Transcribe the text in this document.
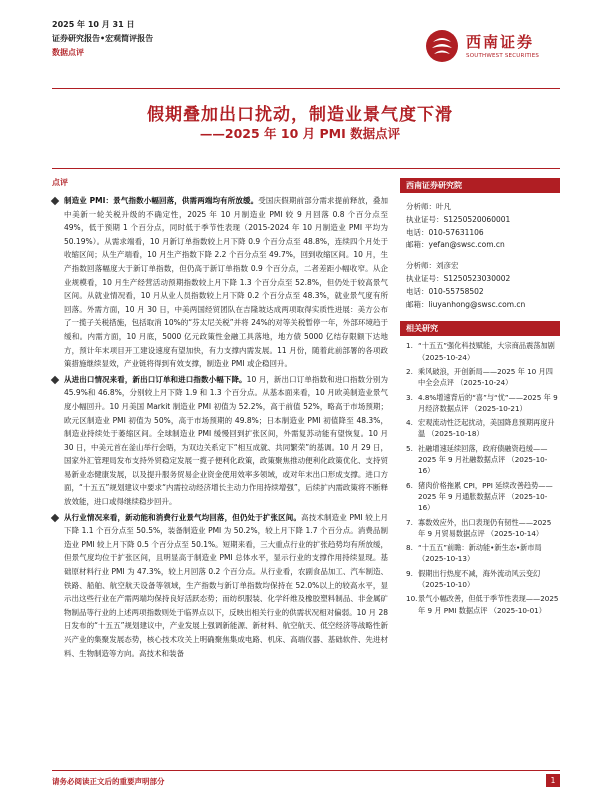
2025 年 10 月 31 日
证券研究报告•宏观简评报告
数据点评
西南证券
SOUTHWEST SECURITIES
假期叠加出口扰动，制造业景气度下滑
——2025 年 10 月 PMI 数据点评
点评
制造业 PMI：景气指数小幅回落，供需两端均有所放缓。受国庆假期前部分需求提前释放，叠加中美新一轮关税升级的不确定性，2025 年 10 月制造业 PMI 较 9 月回落 0.8 个百分点至 49%，低于预期 1 个百分点，同时低于季节性表现（2015-2024 年 10 月制造业 PMI 平均为 50.19%）。从需求端看，10 月新订单指数较上月下降 0.9 个百分点至 48.8%，连续四个月处于收缩区间；从生产端看，10 月生产指数下降 2.2 个百分点至 49.7%，回到收缩区间。10 月，生产指数回落幅度大于新订单指数，但仍高于新订单指数 0.9 个百分点，二者差距小幅收窄。从企业规模看，10 月生产经营活动预期指数较上月下降 1.3 个百分点至 52.8%，但仍处于较高景气区间。从就业情况看，10 月从业人员指数较上月下降 0.2 个百分点至 48.3%，就业景气度有所回落。外需方面，10 月 30 日，中美两国经贸团队在吉隆坡达成两项取得实质性进展：美方公布了一揽子关税措施，包括取消 10%的“芬太尼关税”并将 24%的对等关税暂停一年，外部环境趋于缓和。内需方面，10 月底，5000 亿元政策性金融工具落地，地方债 5000 亿结存限额下达地方，预计年末项目开工建设速度有望加快，有力支撑内需发展。11 月份，随着此前部署的各项政策措施继续显效，产业链将得到有效支撑，制造业 PMI 或企稳回升。
从进出口情况来看，新出口订单和进口指数小幅下降。10 月，新出口订单指数和进口指数分别为 45.9%和 46.8%，分别较上月下降 1.9 和 1.3 个百分点。从基本面来看，10 月欧美制造业景气度小幅回升。10 月美国 Markit 制造业 PMI 初值为 52.2%，高于前值 52%，略高于市场预期；欧元区制造业 PMI 初值为 50%，高于市场预期的 49.8%；日本制造业 PMI 初值降至 48.3%，制造业持续处于萎缩区间。全球制造业 PMI 缓慢回到扩张区间，外需复苏动能有望恢复。10 月 30 日，中美元首在釜山举行会晤，为双边关系定下“相互成就、共同繁荣”的基调。10 月 29 日，国家外汇管理局发布支持外贸稳定发展一揽子便利化政策，政策聚焦推动便利化政策优化、支持贸易新业态健康发展，以及提升服务贸易企业资金使用效率多领域，或对年末出口形成支撑。进口方面，“十五五”规划建议中要求“内需拉动经济增长主动力作用持续增强”，后续扩内需政策将不断释放效能，进口或得继续稳步回升。
从行业情况来看，新动能和消费行业景气均回落，但仍处于扩张区间。高技术制造业 PMI 较上月下降 1.1 个百分点至 50.5%，装备制造业 PMI 为 50.2%，较上月下降 1.7 个百分点。消费品制造业 PMI 较上月下降 0.5 个百分点至 50.1%。短期来看，三大重点行业的扩张趋势均有所放缓，但景气度均位于扩张区间，且明显高于制造业 PMI 总体水平，显示行业的支撑作用持续显现。基础原材料行业 PMI 为 47.3%，较上月回落 0.2 个百分点。从行业看，农副食品加工、汽车制造、铁路、船舶、航空航天设备等领域，生产指数与新订单指数均保持在 52.0%以上的较高水平，显示出这些行业在产需两端均保持良好活跃态势；而纺织服装、化学纤维及橡胶塑料制品、非金属矿物制品等行业的上述两项指数则处于临界点以下，反映出相关行业的供需状况相对偏弱。10 月 28 日发布的“十五五”规划建议中，产业发展上强调新能源、新材料、航空航天、低空经济等战略性新兴产业的集聚发展态势，核心技术攻关上明确聚焦集成电路、机床、高端仪器、基础软件、先进材料、生物制造等方向。高技术和装备
西南证券研究院
分析师：叶凡
执业证号：S1250520060001
电话：010-57631106
邮箱：yefan@swsc.com.cn
分析师：刘彦宏
执业证号：S1250523030002
电话：010-55758502
邮箱：liuyanhong@swsc.com.cn
相关研究
1. “十五五”强化科技赋能，大宗商品震荡加剧 （2025-10-24）
2. 乘风破浪，开创新局——2025 年 10 月四中全会点评 （2025-10-24）
3. 4.8%增速背后的“喜”与“忧”——2025 年 9 月经济数据点评 （2025-10-21）
4. 宏观流动性泛起扰动，美国降息预期再度升温 （2025-10-18）
5. 社融增速延续回落，政府债融资趋缓——2025 年 9 月社融数据点评 （2025-10-16）
6. 猪肉价格拖累 CPI，PPI 延续改善趋势——2025 年 9 月通胀数据点评 （2025-10-16）
7. 寡数效应外，出口表现仍有韧性——2025 年 9 月贸易数据点评 （2025-10-14）
8. “十五五”前瞻：新动能•新生态•新市局 （2025-10-13）
9. 假期出行热度不减，海外流动风云变幻 （2025-10-10）
10. 景气小幅改善，但低于季节性表现——2025 年 9 月 PMI 数据点评 （2025-10-01）
请务必阅读正文后的重要声明部分	1
